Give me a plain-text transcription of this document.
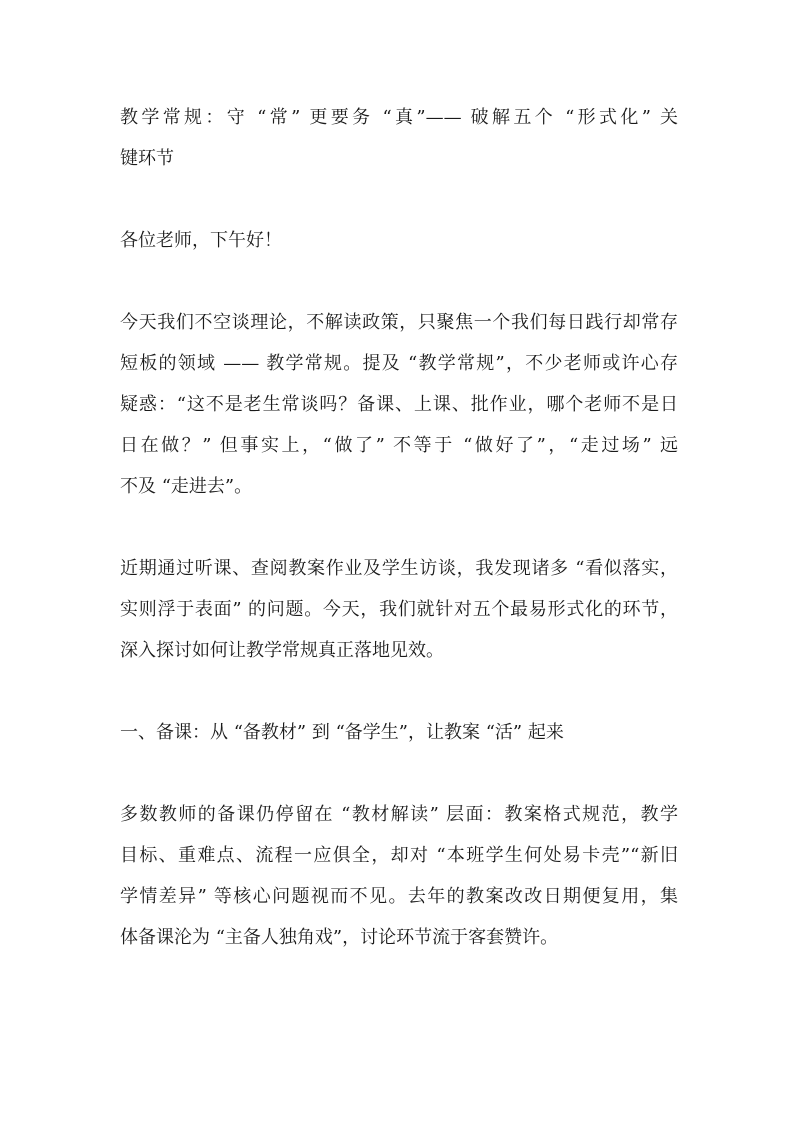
教学常规：守 “常” 更要务 “真”—— 破解五个 “形式化” 关
键环节
各位老师，下午好！
今天我们不空谈理论，不解读政策，只聚焦一个我们每日践行却常存
短板的领域 —— 教学常规。提及 “教学常规”，不少老师或许心存
疑惑：“这不是老生常谈吗？备课、上课、批作业，哪个老师不是日
日在做？” 但事实上，“做了” 不等于 “做好了”，“走过场” 远
不及 “走进去”。
近期通过听课、查阅教案作业及学生访谈，我发现诸多 “看似落实，
实则浮于表面” 的问题。今天，我们就针对五个最易形式化的环节，
深入探讨如何让教学常规真正落地见效。
一、备课：从 “备教材” 到 “备学生”，让教案 “活” 起来
多数教师的备课仍停留在 “教材解读” 层面：教案格式规范，教学
目标、重难点、流程一应俱全，却对 “本班学生何处易卡壳”“新旧
学情差异” 等核心问题视而不见。去年的教案改改日期便复用，集
体备课沦为 “主备人独角戏”，讨论环节流于客套赞许。
